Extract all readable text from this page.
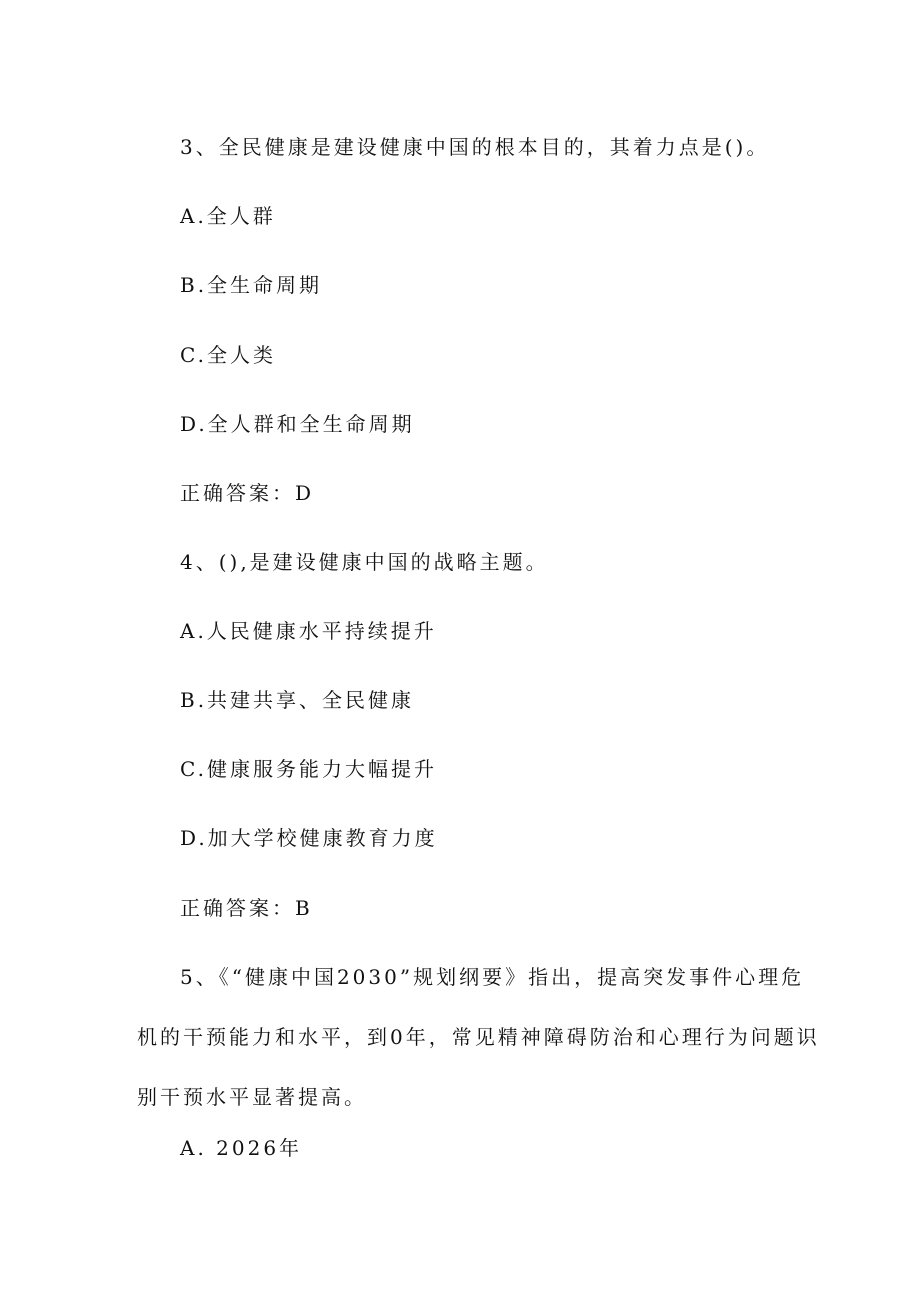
3、全民健康是建设健康中国的根本目的，其着力点是()。

A.全人群

B.全生命周期

C.全人类

D.全人群和全生命周期

正确答案：D

4、(),是建设健康中国的战略主题。

A.人民健康水平持续提升

B.共建共享、全民健康

C.健康服务能力大幅提升

D.加大学校健康教育力度

正确答案：B

5、《“健康中国2030”规划纲要》指出，提高突发事件心理危

机的干预能力和水平，到0年，常见精神障碍防治和心理行为问题识

别干预水平显著提高。

A. 2026年
